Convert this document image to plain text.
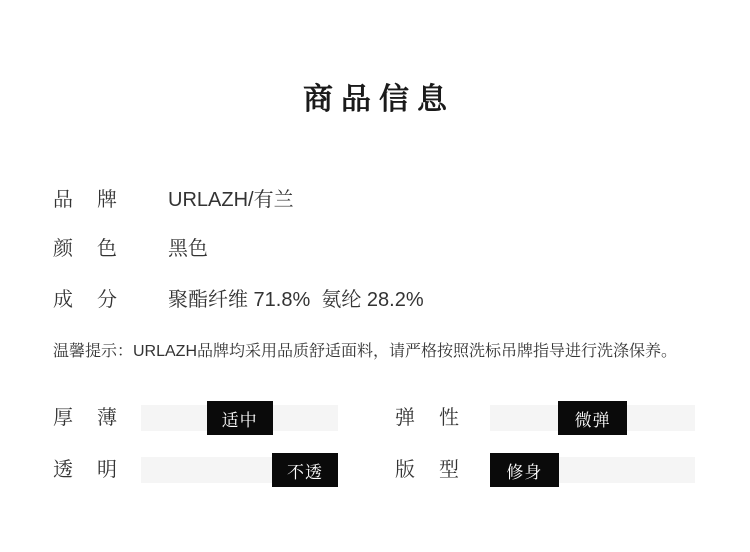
商品信息
品牌 URLAZH/有兰
颜色 黑色
成分 聚酯纤维 71.8%  氨纶 28.2%

温馨提示：URLAZH品牌均采用品质舒适面料，请严格按照洗标吊牌指导进行洗涤保养。

厚薄	适中	弹性	微弹
透明	不透	版型	修身
